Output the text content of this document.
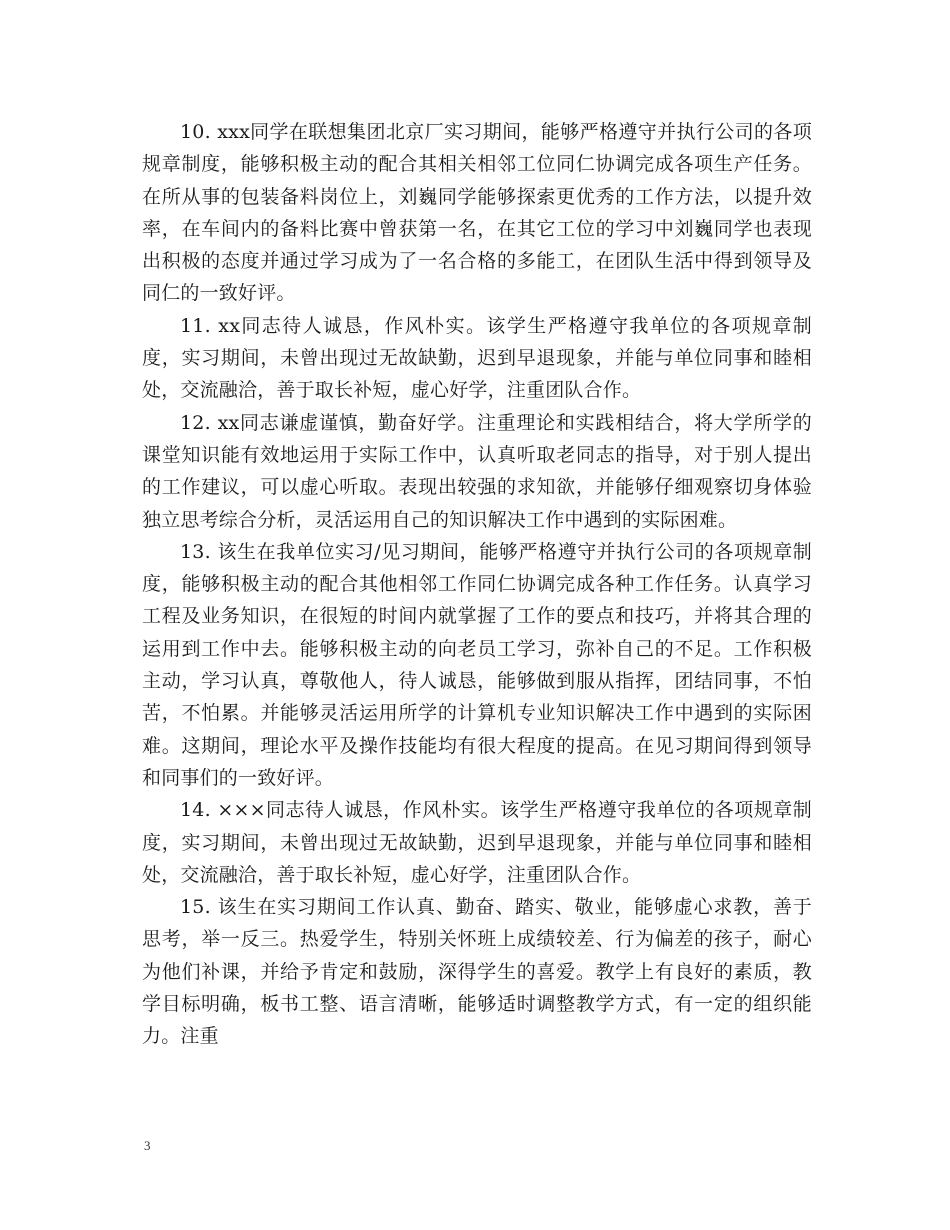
10. xxx同学在联想集团北京厂实习期间，能够严格遵守并执行公司的各项规章制度，能够积极主动的配合其相关相邻工位同仁协调完成各项生产任务。在所从事的包装备料岗位上，刘巍同学能够探索更优秀的工作方法，以提升效率，在车间内的备料比赛中曾获第一名，在其它工位的学习中刘巍同学也表现出积极的态度并通过学习成为了一名合格的多能工，在团队生活中得到领导及同仁的一致好评。

11. xx同志待人诚恳，作风朴实。该学生严格遵守我单位的各项规章制度，实习期间，未曾出现过无故缺勤，迟到早退现象，并能与单位同事和睦相处，交流融洽，善于取长补短，虚心好学，注重团队合作。

12. xx同志谦虚谨慎，勤奋好学。注重理论和实践相结合，将大学所学的课堂知识能有效地运用于实际工作中，认真听取老同志的指导，对于别人提出的工作建议，可以虚心听取。表现出较强的求知欲，并能够仔细观察切身体验独立思考综合分析，灵活运用自己的知识解决工作中遇到的实际困难。

13. 该生在我单位实习/见习期间，能够严格遵守并执行公司的各项规章制度，能够积极主动的配合其他相邻工作同仁协调完成各种工作任务。认真学习工程及业务知识，在很短的时间内就掌握了工作的要点和技巧，并将其合理的运用到工作中去。能够积极主动的向老员工学习，弥补自己的不足。工作积极主动，学习认真，尊敬他人，待人诚恳，能够做到服从指挥，团结同事，不怕苦，不怕累。并能够灵活运用所学的计算机专业知识解决工作中遇到的实际困难。这期间，理论水平及操作技能均有很大程度的提高。在见习期间得到领导和同事们的一致好评。

14. ×××同志待人诚恳，作风朴实。该学生严格遵守我单位的各项规章制度，实习期间，未曾出现过无故缺勤，迟到早退现象，并能与单位同事和睦相处，交流融洽，善于取长补短，虚心好学，注重团队合作。

15. 该生在实习期间工作认真、勤奋、踏实、敬业，能够虚心求教，善于思考，举一反三。热爱学生，特别关怀班上成绩较差、行为偏差的孩子，耐心为他们补课，并给予肯定和鼓励，深得学生的喜爱。教学上有良好的素质，教学目标明确，板书工整、语言清晰，能够适时调整教学方式，有一定的组织能力。注重

3
